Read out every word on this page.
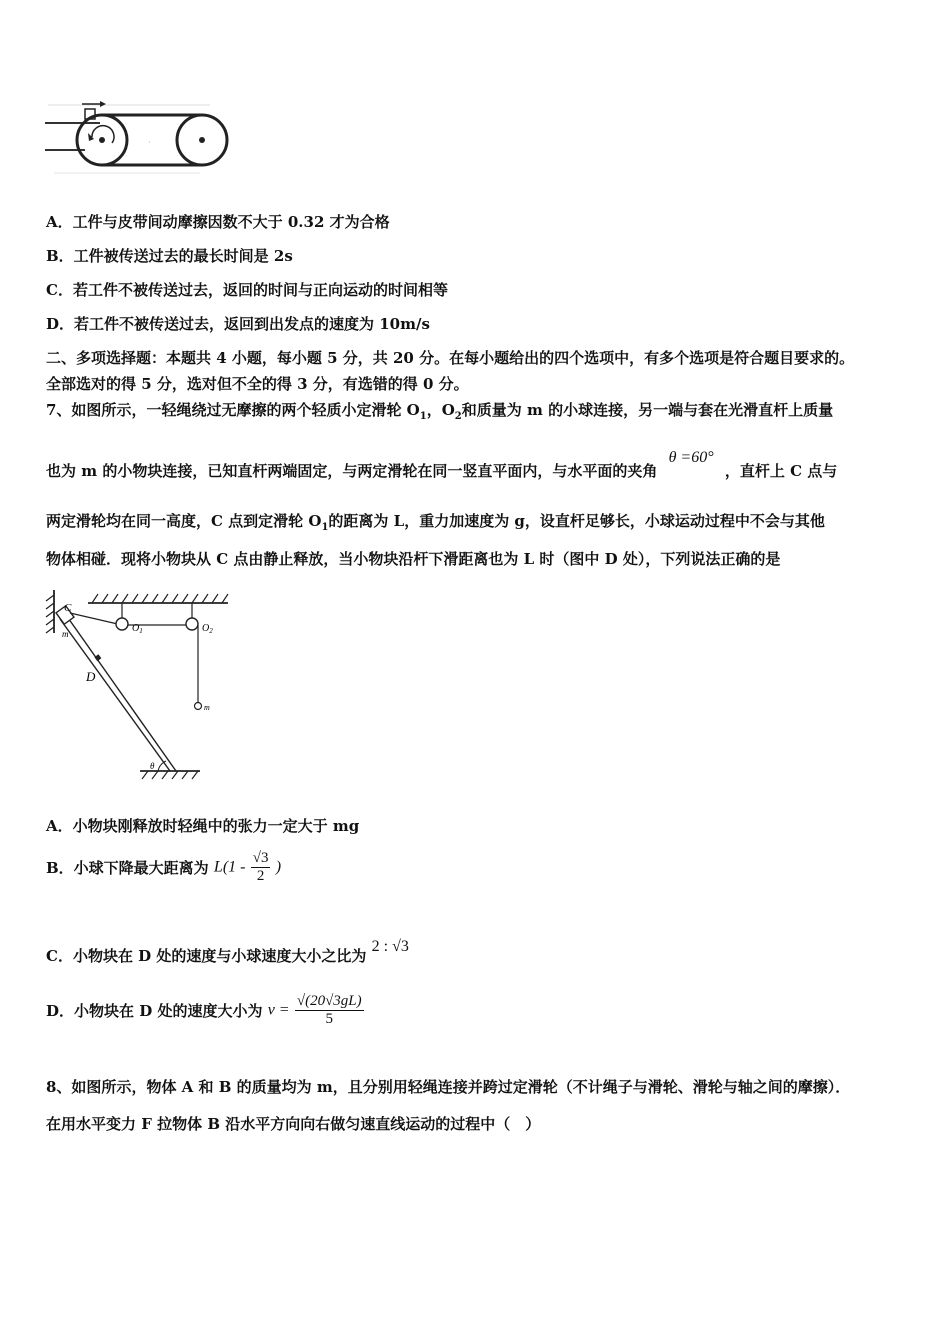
·
A．工件与皮带间动摩擦因数不大于 0.32 才为合格
B．工件被传送过去的最长时间是 2s
C．若工件不被传送过去，返回的时间与正向运动的时间相等
D．若工件不被传送过去，返回到出发点的速度为 10m/s
二、多项选择题：本题共 4 小题，每小题 5 分，共 20 分。在每小题给出的四个选项中，有多个选项是符合题目要求的。
全部选对的得 5 分，选对但不全的得 3 分，有选错的得 0 分。
7、如图所示，一轻绳绕过无摩擦的两个轻质小定滑轮 $O_1$，$O_2$和质量为 m 的小球连接，另一端与套在光滑直杆上质量
也为 m 的小物块连接，已知直杆两端固定，与两定滑轮在同一竖直平面内，与水平面的夹角 θ =60° ，直杆上 C 点与
两定滑轮均在同一高度，C 点到定滑轮 $O_1$的距离为 L，重力加速度为 g，设直杆足够长，小球运动过程中不会与其他
物体相碰．现将小物块从 C 点由静止释放，当小物块沿杆下滑距离也为 L 时（图中 D 处），下列说法正确的是
C
m	$O_1$	$O_2$
D
m
θ
A．小物块刚释放时轻绳中的张力一定大于 mg
B．小球下降最大距离为 $L(1 - \frac{√3}{2}$ )
C．小物块在 D 处的速度与小球速度大小之比为 2 : √3
D．小物块在 D 处的速度大小为 $v = \frac{√(20√3gL)}{5}$
8、如图所示，物体 A 和 B 的质量均为 m，且分别用轻绳连接并跨过定滑轮（不计绳子与滑轮、滑轮与轴之间的摩擦）．
在用水平变力 F 拉物体 B 沿水平方向向右做匀速直线运动的过程中（　）
